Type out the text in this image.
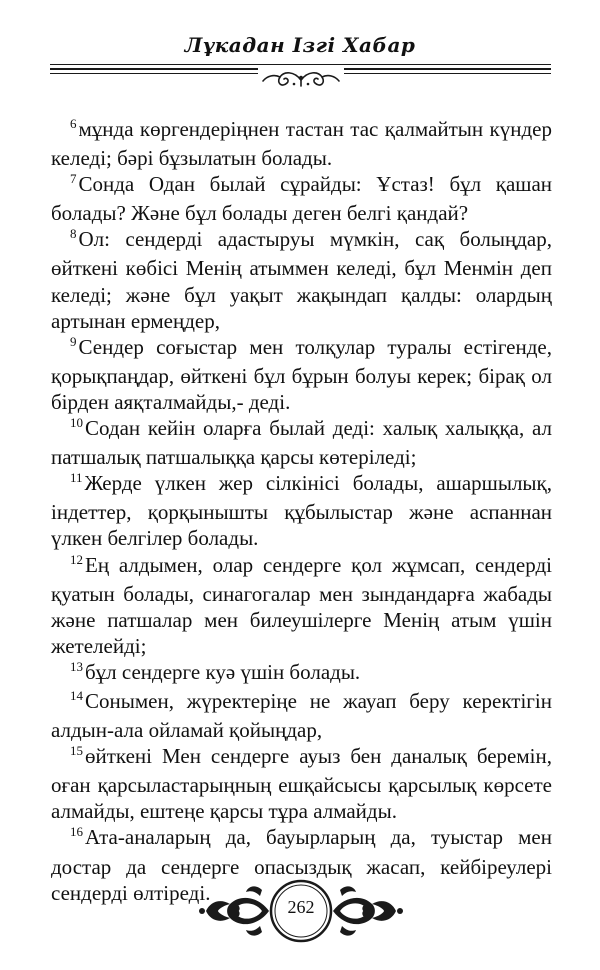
Лұкадан Ізгі Хабар

$^6$мұнда көргендеріңнен тастан тас қалмайтын күндер келеді; бәрі бұзылатын болады.

$^7$Сонда Одан былай сұрайды: Ұстаз! бұл қашан болады? Және бұл болады деген белгі қандай?

$^8$Ол: сендерді адастыруы мүмкін, сақ болыңдар, өйткені көбісі Менің атыммен келеді, бұл Менмін деп келеді; және бұл уақыт жақындап қалды: олардың артынан ермеңдер,

$^9$Сендер соғыстар мен толқулар туралы естігенде, қорықпаңдар, өйткені бұл бұрын болуы керек; бірақ ол бірден аяқталмайды,- деді.

$^{10}$Содан кейін оларға былай деді: халық халыққа, ал патшалық патшалыққа қарсы көтеріледі;

$^{11}$Жерде үлкен жер сілкінісі болады, ашаршылық, індеттер, қорқынышты құбылыстар және аспаннан үлкен белгілер болады.

$^{12}$Ең алдымен, олар сендерге қол жұмсап, сендерді қуатын болады, синагогалар мен зындандарға жабады және патшалар мен билеушілерге Менің атым үшін жетелейді;

$^{13}$бұл сендерге куә үшін болады.

$^{14}$Сонымен, жүректеріңе не жауап беру керектігін алдын-ала ойламай қойыңдар,

$^{15}$өйткені Мен сендерге ауыз бен даналық беремін, оған қарсыластарыңның ешқайсысы қарсылық көрсете алмайды, ештеңе қарсы тұра алмайды.

$^{16}$Ата-аналарың да, бауырларың да, туыстар мен достар да сендерге опасыздық жасап, кейбіреулері сендерді өлтіреді.

262
